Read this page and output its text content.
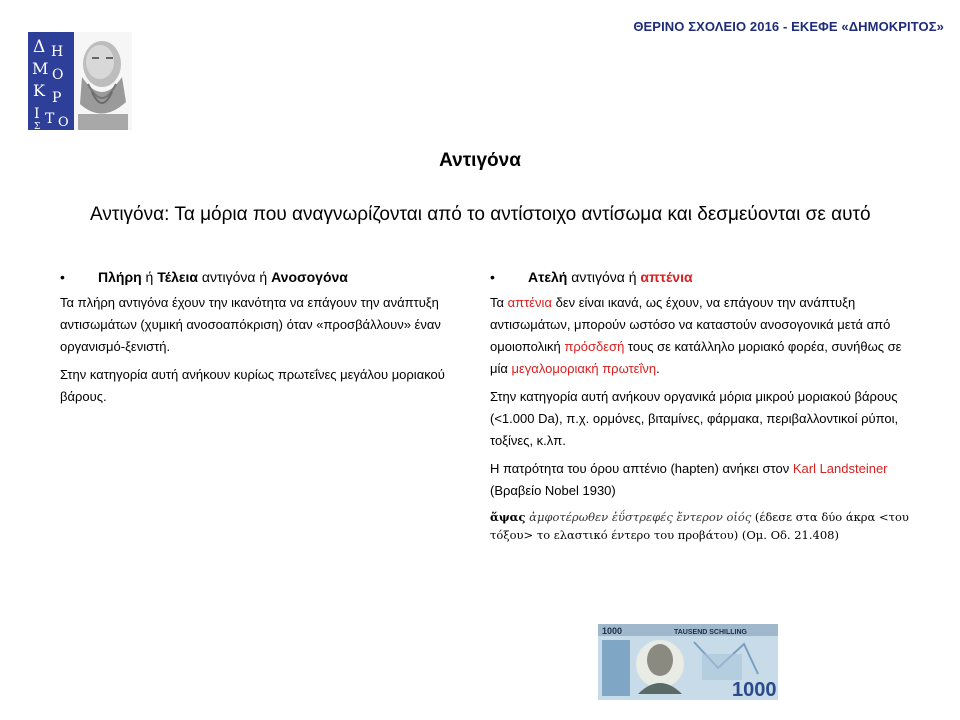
ΘΕΡΙΝΟ ΣΧΟΛΕΙΟ 2016 - ΕΚΕΦΕ «ΔΗΜΟΚΡΙΤΟΣ»
Δ Η
Μ Ο
Κ Ρ
Ι Τ Ο
Σ
Αντιγόνα
Αντιγόνα: Τα μόρια που αναγνωρίζονται από το αντίστοιχο αντίσωμα και δεσμεύονται σε αυτό
• Πλήρη ή Τέλεια αντιγόνα ή Ανοσογόνα

Τα πλήρη αντιγόνα έχουν την ικανότητα να επάγουν την ανάπτυξη αντισωμάτων (χυμική ανοσοαπόκριση) όταν «προσβάλλουν» έναν οργανισμό-ξενιστή.

Στην κατηγορία αυτή ανήκουν κυρίως πρωτεΐνες μεγάλου μοριακού βάρους.

• Ατελή αντιγόνα ή απτένια

Τα απτένια δεν είναι ικανά, ως έχουν, να επάγουν την ανάπτυξη αντισωμάτων, μπορούν ωστόσο να καταστούν ανοσογονικά μετά από ομοιοπολική πρόσδεσή τους σε κατάλληλο μοριακό φορέα, συνήθως σε μία μεγαλομοριακή πρωτεΐνη.

Στην κατηγορία αυτή ανήκουν οργανικά μόρια μικρού μοριακού βάρους (<1.000 Da), π.χ. ορμόνες, βιταμίνες, φάρμακα, περιβαλλοντικοί ρύποι, τοξίνες, κ.λπ.

Η πατρότητα του όρου απτένιο (hapten) ανήκει στον Karl Landsteiner (Βραβείο Nobel 1930)

ἅψας ἀμφοτέρωθεν ἐΰστρεφές ἔντερον οἰός (έδεσε στα δύο άκρα <του τόξου> το ελαστικό έντερο του προβάτου) (Ομ. Οδ. 21.408)

1000	TAUSEND SCHILLING
1000
